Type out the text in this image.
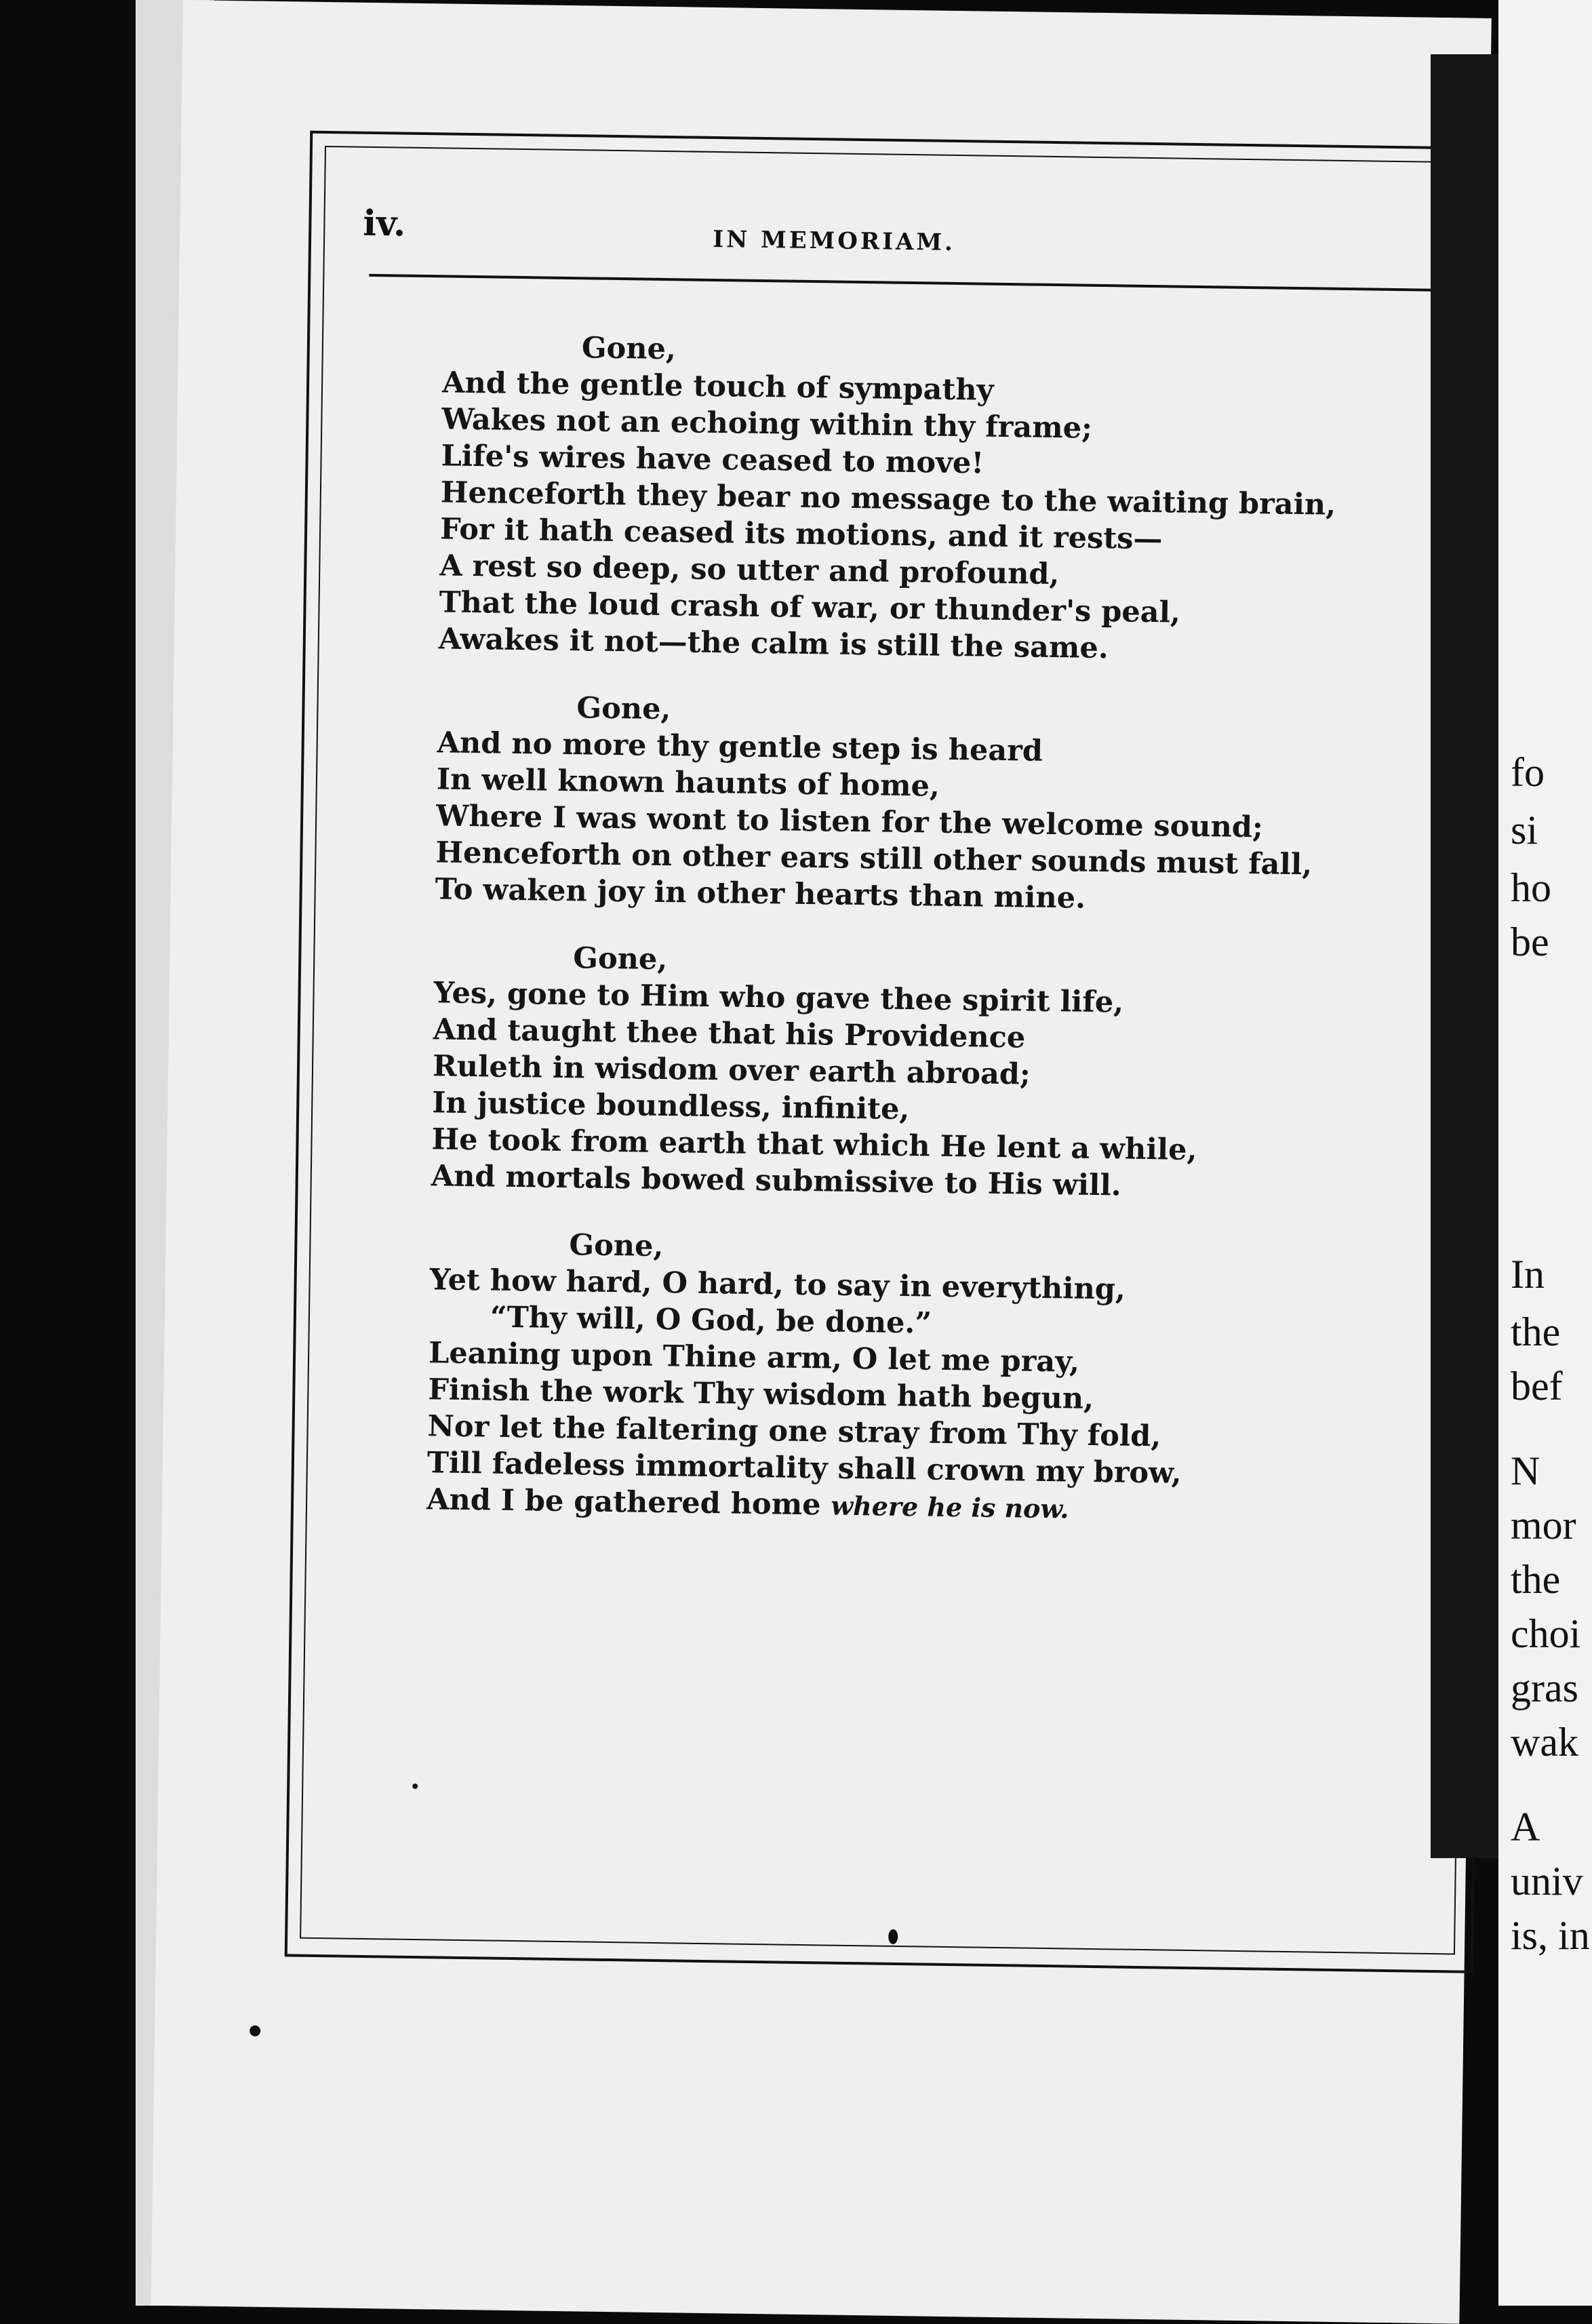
iv.	IN MEMORIAM.
Gone,
And the gentle touch of sympathy
Wakes not an echoing within thy frame;
Life's wires have ceased to move!
Henceforth they bear no message to the waiting brain,
For it hath ceased its motions, and it rests—
A rest so deep, so utter and profound,
That the loud crash of war, or thunder's peal,
Awakes it not—the calm is still the same.
Gone,
And no more thy gentle step is heard
In well known haunts of home,
Where I was wont to listen for the welcome sound;
Henceforth on other ears still other sounds must fall,
To waken joy in other hearts than mine.
Gone,
Yes, gone to Him who gave thee spirit life,
And taught thee that his Providence
Ruleth in wisdom over earth abroad;
In justice boundless, infinite,
He took from earth that which He lent a while,
And mortals bowed submissive to His will.
Gone,
Yet how hard, O hard, to say in everything,
“Thy will, O God, be done.”
Leaning upon Thine arm, O let me pray,
Finish the work Thy wisdom hath begun,
Nor let the faltering one stray from Thy fold,
Till fadeless immortality shall crown my brow,
And I be gathered home where he is now.
fo
si
ho
be
In
the
bef
N
mor
the
choi
gras
wak
A
univ
is, in
